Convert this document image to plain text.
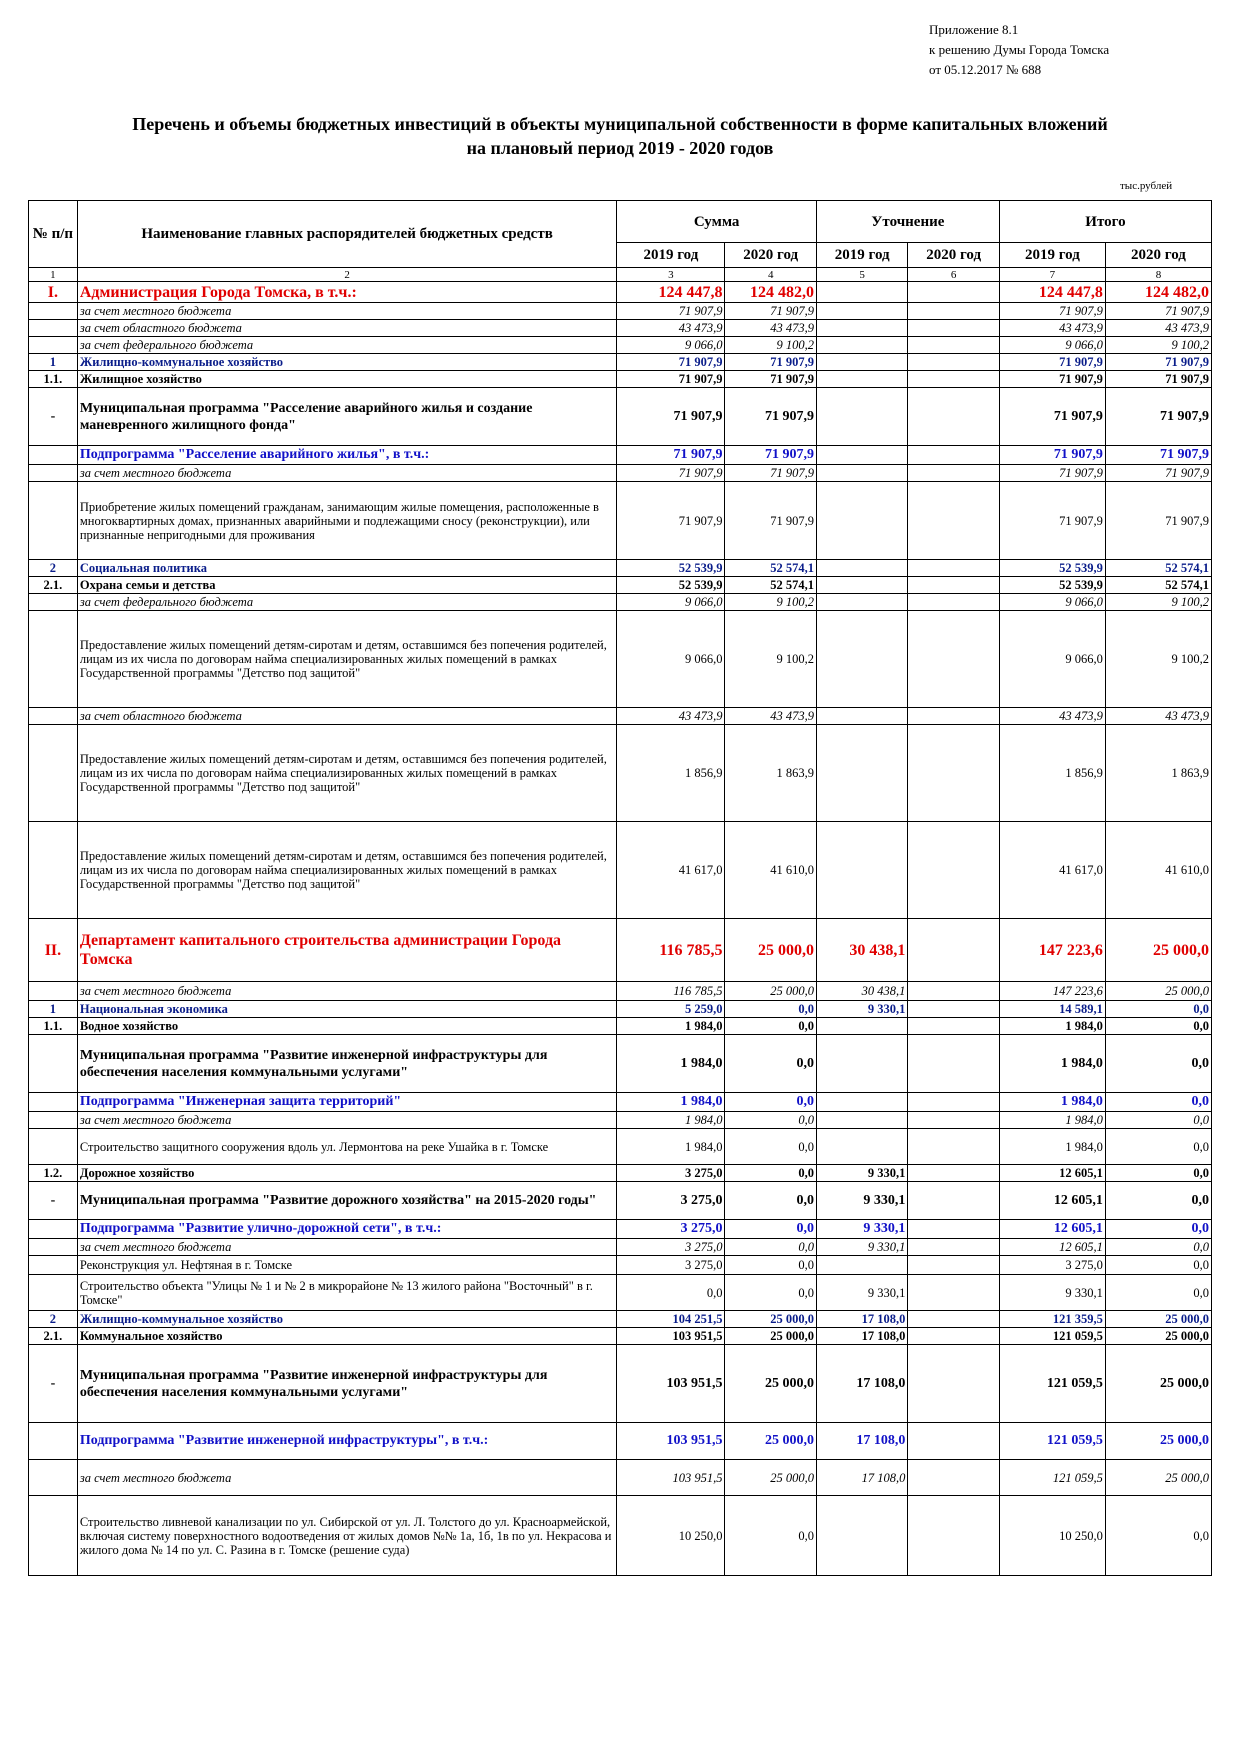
Приложение 8.1
к решению Думы Города Томска
от 05.12.2017 № 688
Перечень и объемы бюджетных инвестиций в объекты муниципальной собственности в форме капитальных вложений
на плановый период 2019 - 2020 годов
тыс.рублей
№ п/п	Наименование главных распорядителей бюджетных средств	Сумма		Уточнение		Итого	
		2019 год	2020 год	2019 год	2020 год	2019 год	2020 год
1	2	3	4	5	6	7	8
I.	Администрация Города Томска, в т.ч.:	124 447,8	124 482,0			124 447,8	124 482,0
	за счет местного бюджета	71 907,9	71 907,9			71 907,9	71 907,9
	за счет областного бюджета	43 473,9	43 473,9			43 473,9	43 473,9
	за счет федерального бюджета	9 066,0	9 100,2			9 066,0	9 100,2
1	Жилищно-коммунальное хозяйство	71 907,9	71 907,9			71 907,9	71 907,9
1.1.	Жилищное хозяйство	71 907,9	71 907,9			71 907,9	71 907,9
-	Муниципальная программа "Расселение аварийного жилья и создание маневренного жилищного фонда"	71 907,9	71 907,9			71 907,9	71 907,9
	Подпрограмма "Расселение аварийного жилья", в т.ч.:	71 907,9	71 907,9			71 907,9	71 907,9
	за счет местного бюджета	71 907,9	71 907,9			71 907,9	71 907,9
	Приобретение жилых помещений гражданам, занимающим жилые помещения, расположенные в многоквартирных домах, признанных аварийными и подлежащими сносу (реконструкции), или признанные непригодными для проживания	71 907,9	71 907,9			71 907,9	71 907,9
2	Социальная политика	52 539,9	52 574,1			52 539,9	52 574,1
2.1.	Охрана семьи и детства	52 539,9	52 574,1			52 539,9	52 574,1
	за счет федерального бюджета	9 066,0	9 100,2			9 066,0	9 100,2
	Предоставление жилых помещений детям-сиротам и детям, оставшимся без попечения родителей, лицам из их числа по договорам найма специализированных жилых помещений в рамках Государственной программы "Детство под защитой"	9 066,0	9 100,2			9 066,0	9 100,2
	за счет областного бюджета	43 473,9	43 473,9			43 473,9	43 473,9
	Предоставление жилых помещений детям-сиротам и детям, оставшимся без попечения родителей, лицам из их числа по договорам найма специализированных жилых помещений в рамках Государственной программы "Детство под защитой"	1 856,9	1 863,9			1 856,9	1 863,9
	Предоставление жилых помещений детям-сиротам и детям, оставшимся без попечения родителей, лицам из их числа по договорам найма специализированных жилых помещений в рамках Государственной программы "Детство под защитой"	41 617,0	41 610,0			41 617,0	41 610,0
II.	Департамент капитального строительства администрации Города Томска	116 785,5	25 000,0	30 438,1		147 223,6	25 000,0
	за счет местного бюджета	116 785,5	25 000,0	30 438,1		147 223,6	25 000,0
1	Национальная экономика	5 259,0	0,0	9 330,1		14 589,1	0,0
1.1.	Водное хозяйство	1 984,0	0,0			1 984,0	0,0
	Муниципальная программа "Развитие инженерной инфраструктуры для обеспечения населения коммунальными услугами"	1 984,0	0,0			1 984,0	0,0
	Подпрограмма "Инженерная защита территорий"	1 984,0	0,0			1 984,0	0,0
	за счет местного бюджета	1 984,0	0,0			1 984,0	0,0
	Строительство защитного сооружения вдоль ул. Лермонтова на реке Ушайка в г. Томске	1 984,0	0,0			1 984,0	0,0
1.2.	Дорожное хозяйство	3 275,0	0,0	9 330,1		12 605,1	0,0
-	Муниципальная программа "Развитие дорожного хозяйства" на 2015-2020 годы"	3 275,0	0,0	9 330,1		12 605,1	0,0
	Подпрограмма "Развитие улично-дорожной сети", в т.ч.:	3 275,0	0,0	9 330,1		12 605,1	0,0
	за счет местного бюджета	3 275,0	0,0	9 330,1		12 605,1	0,0
	Реконструкция ул. Нефтяная в г. Томске	3 275,0	0,0			3 275,0	0,0
	Строительство объекта "Улицы № 1 и № 2 в микрорайоне № 13 жилого района "Восточный" в г. Томске"	0,0	0,0	9 330,1		9 330,1	0,0
2	Жилищно-коммунальное хозяйство	104 251,5	25 000,0	17 108,0		121 359,5	25 000,0
2.1.	Коммунальное хозяйство	103 951,5	25 000,0	17 108,0		121 059,5	25 000,0
-	Муниципальная программа "Развитие инженерной инфраструктуры для обеспечения населения коммунальными услугами"	103 951,5	25 000,0	17 108,0		121 059,5	25 000,0
	Подпрограмма "Развитие инженерной инфраструктуры", в т.ч.:	103 951,5	25 000,0	17 108,0		121 059,5	25 000,0
	за счет местного бюджета	103 951,5	25 000,0	17 108,0		121 059,5	25 000,0
	Строительство ливневой канализации по ул. Сибирской от ул. Л. Толстого до ул. Красноармейской, включая систему поверхностного водоотведения от жилых домов №№ 1а, 1б, 1в по ул. Некрасова и жилого дома № 14 по ул. С. Разина в г. Томске (решение суда)	10 250,0	0,0			10 250,0	0,0
